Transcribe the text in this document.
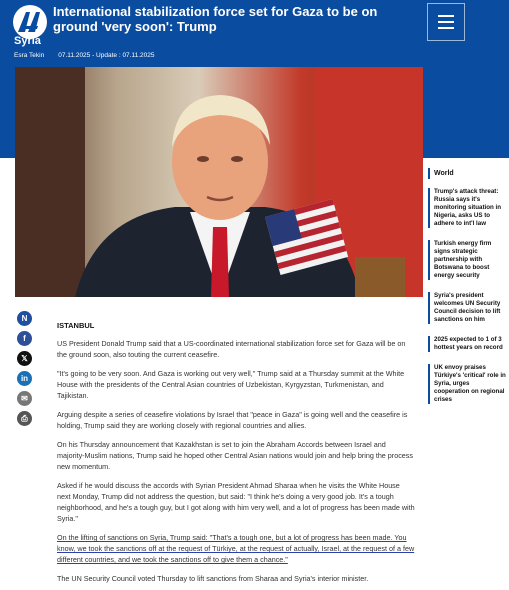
Syria
International stabilization force set for Gaza to be on ground 'very soon': Trump
Esra Tekin 07.11.2025 - Update : 07.11.2025
N
f
𝕏
in
✉
⎙
ISTANBUL

US President Donald Trump said that a US-coordinated international stabilization force set for Gaza will be on the ground soon, also touting the current ceasefire.

"It's going to be very soon. And Gaza is working out very well," Trump said at a Thursday summit at the White House with the presidents of the Central Asian countries of Uzbekistan, Kyrgyzstan, Turkmenistan, and Tajikistan.

Arguing despite a series of ceasefire violations by Israel that "peace in Gaza" is going well and the ceasefire is holding, Trump said they are working closely with regional countries and allies.

On his Thursday announcement that Kazakhstan is set to join the Abraham Accords between Israel and majority-Muslim nations, Trump said he hoped other Central Asian nations would join and help bring the process new momentum.

Asked if he would discuss the accords with Syrian President Ahmad Sharaa when he visits the White House next Monday, Trump did not address the question, but said: "I think he's doing a very good job. It's a tough neighborhood, and he's a tough guy, but I got along with him very well, and a lot of progress has been made with Syria."

On the lifting of sanctions on Syria, Trump said: "That's a tough one, but a lot of progress has been made. You know, we took the sanctions off at the request of Türkiye, at the request of actually, Israel, at the request of a few different countries, and we took the sanctions off to give them a chance."

The UN Security Council voted Thursday to lift sanctions from Sharaa and Syria's interior minister.

World
Trump's attack threat: Russia says it's monitoring situation in Nigeria, asks US to adhere to int'l law
Turkish energy firm signs strategic partnership with Botswana to boost energy security
Syria's president welcomes UN Security Council decision to lift sanctions on him
2025 expected to 1 of 3 hottest years on record
UK envoy praises Türkiye's 'critical' role in Syria, urges cooperation on regional crises
